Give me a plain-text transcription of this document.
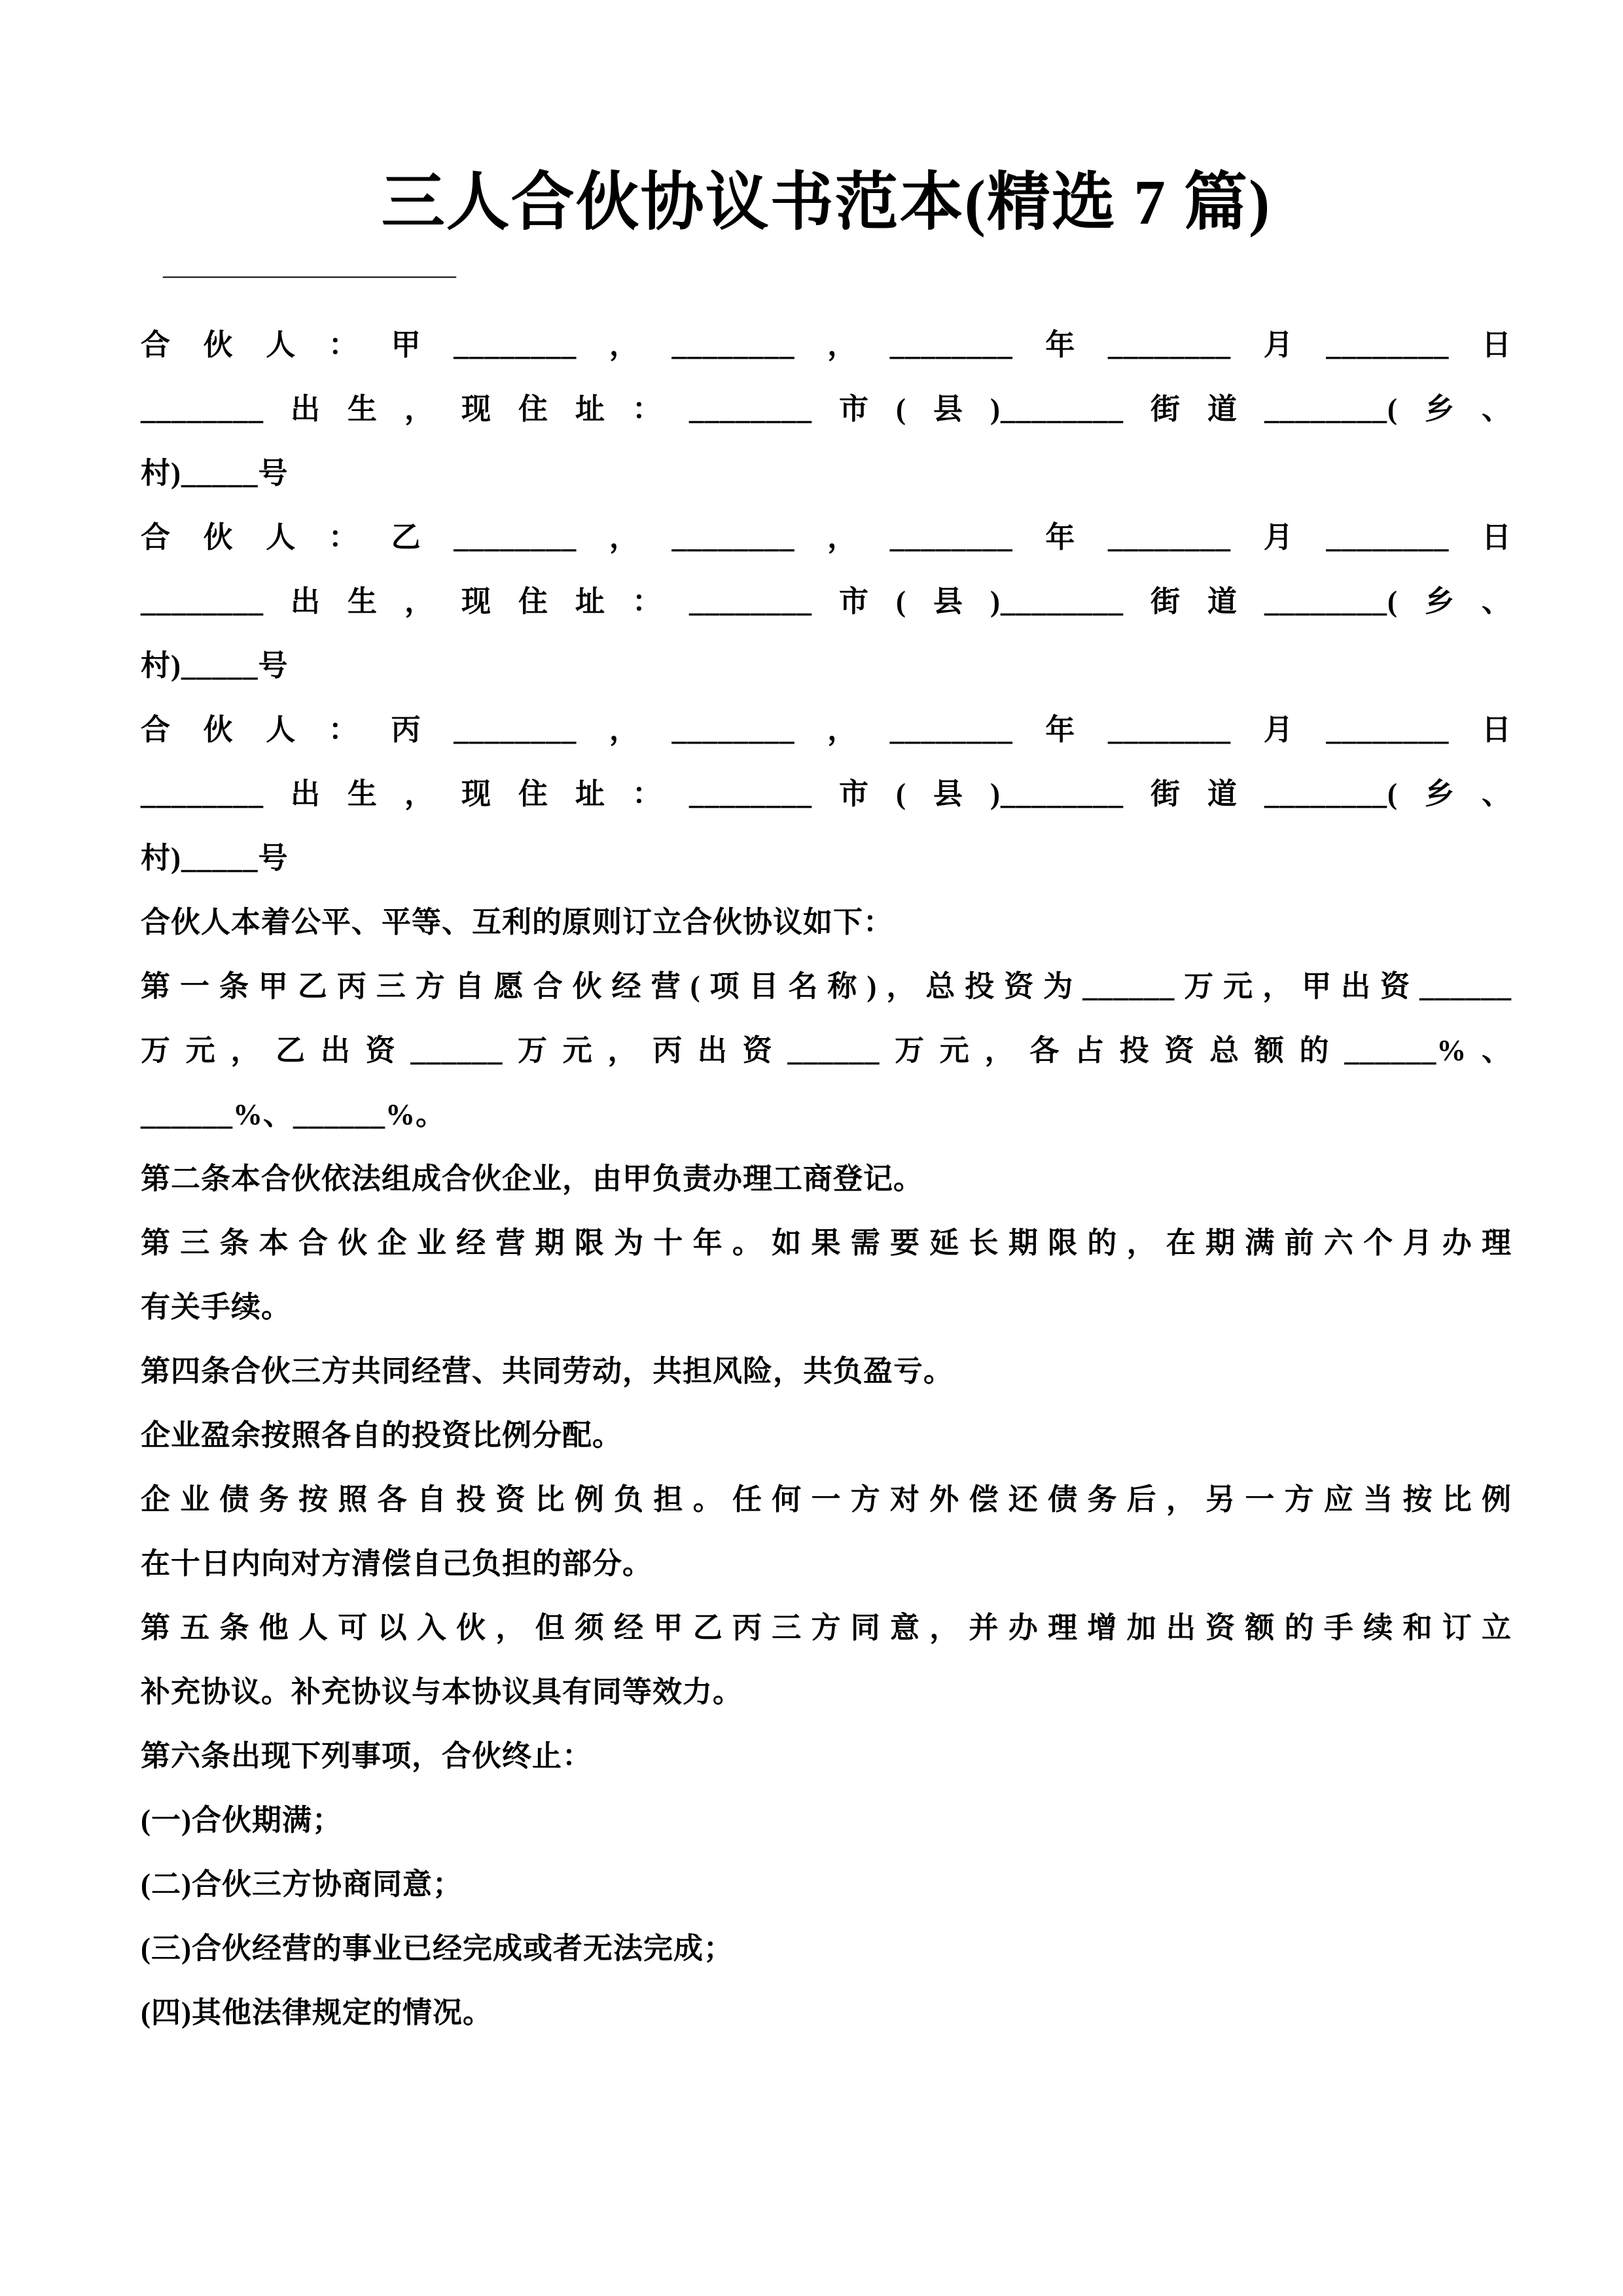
三人合伙协议书范本(精选 7 篇)
————————————————
合伙人：甲________，________，________年________月________日
________出生，现住址：________市(县)________街道________(乡、
村)_____号
合伙人：乙________，________，________年________月________日
________出生，现住址：________市(县)________街道________(乡、
村)_____号
合伙人：丙________，________，________年________月________日
________出生，现住址：________市(县)________街道________(乡、
村)_____号
合伙人本着公平、平等、互利的原则订立合伙协议如下：
第一条甲乙丙三方自愿合伙经营(项目名称)，总投资为______万元，甲出资______
万元，乙出资______万元，丙出资______万元，各占投资总额的______%、
______%、______%。
第二条本合伙依法组成合伙企业，由甲负责办理工商登记。
第三条本合伙企业经营期限为十年。如果需要延长期限的，在期满前六个月办理
有关手续。
第四条合伙三方共同经营、共同劳动，共担风险，共负盈亏。
企业盈余按照各自的投资比例分配。
企业债务按照各自投资比例负担。任何一方对外偿还债务后，另一方应当按比例
在十日内向对方清偿自己负担的部分。
第五条他人可以入伙，但须经甲乙丙三方同意，并办理增加出资额的手续和订立
补充协议。补充协议与本协议具有同等效力。
第六条出现下列事项，合伙终止：
(一)合伙期满；
(二)合伙三方协商同意；
(三)合伙经营的事业已经完成或者无法完成；
(四)其他法律规定的情况。
